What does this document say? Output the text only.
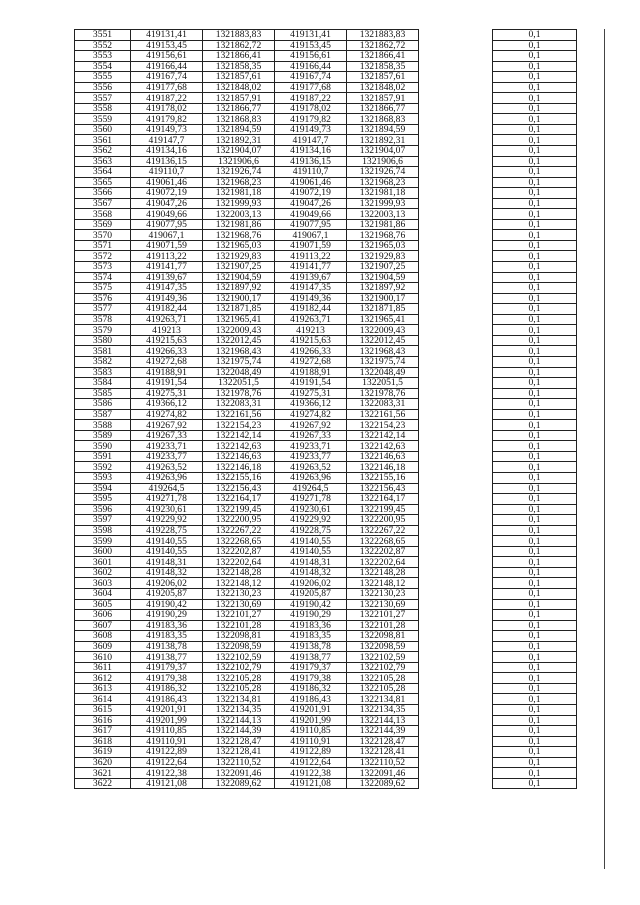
3551	419131,41	1321883,83	419131,41	1321883,83		0,1
3552	419153,45	1321862,72	419153,45	1321862,72		0,1
3553	419156,61	1321866,41	419156,61	1321866,41		0,1
3554	419166,44	1321858,35	419166,44	1321858,35		0,1
3555	419167,74	1321857,61	419167,74	1321857,61		0,1
3556	419177,68	1321848,02	419177,68	1321848,02		0,1
3557	419187,22	1321857,91	419187,22	1321857,91		0,1
3558	419178,02	1321866,77	419178,02	1321866,77		0,1
3559	419179,82	1321868,83	419179,82	1321868,83		0,1
3560	419149,73	1321894,59	419149,73	1321894,59		0,1
3561	419147,7	1321892,31	419147,7	1321892,31		0,1
3562	419134,16	1321904,07	419134,16	1321904,07		0,1
3563	419136,15	1321906,6	419136,15	1321906,6		0,1
3564	419110,7	1321926,74	419110,7	1321926,74		0,1
3565	419061,46	1321968,23	419061,46	1321968,23		0,1
3566	419072,19	1321981,18	419072,19	1321981,18		0,1
3567	419047,26	1321999,93	419047,26	1321999,93		0,1
3568	419049,66	1322003,13	419049,66	1322003,13		0,1
3569	419077,95	1321981,86	419077,95	1321981,86		0,1
3570	419067,1	1321968,76	419067,1	1321968,76		0,1
3571	419071,59	1321965,03	419071,59	1321965,03		0,1
3572	419113,22	1321929,83	419113,22	1321929,83		0,1
3573	419141,77	1321907,25	419141,77	1321907,25		0,1
3574	419139,67	1321904,59	419139,67	1321904,59		0,1
3575	419147,35	1321897,92	419147,35	1321897,92		0,1
3576	419149,36	1321900,17	419149,36	1321900,17		0,1
3577	419182,44	1321871,85	419182,44	1321871,85		0,1
3578	419263,71	1321965,41	419263,71	1321965,41		0,1
3579	419213	1322009,43	419213	1322009,43		0,1
3580	419215,63	1322012,45	419215,63	1322012,45		0,1
3581	419266,33	1321968,43	419266,33	1321968,43		0,1
3582	419272,68	1321975,74	419272,68	1321975,74		0,1
3583	419188,91	1322048,49	419188,91	1322048,49		0,1
3584	419191,54	1322051,5	419191,54	1322051,5		0,1
3585	419275,31	1321978,76	419275,31	1321978,76		0,1
3586	419366,12	1322083,31	419366,12	1322083,31		0,1
3587	419274,82	1322161,56	419274,82	1322161,56		0,1
3588	419267,92	1322154,23	419267,92	1322154,23		0,1
3589	419267,33	1322142,14	419267,33	1322142,14		0,1
3590	419233,71	1322142,63	419233,71	1322142,63		0,1
3591	419233,77	1322146,63	419233,77	1322146,63		0,1
3592	419263,52	1322146,18	419263,52	1322146,18		0,1
3593	419263,96	1322155,16	419263,96	1322155,16		0,1
3594	419264,5	1322156,43	419264,5	1322156,43		0,1
3595	419271,78	1322164,17	419271,78	1322164,17		0,1
3596	419230,61	1322199,45	419230,61	1322199,45		0,1
3597	419229,92	1322200,95	419229,92	1322200,95		0,1
3598	419228,75	1322267,22	419228,75	1322267,22		0,1
3599	419140,55	1322268,65	419140,55	1322268,65		0,1
3600	419140,55	1322202,87	419140,55	1322202,87		0,1
3601	419148,31	1322202,64	419148,31	1322202,64		0,1
3602	419148,32	1322148,28	419148,32	1322148,28		0,1
3603	419206,02	1322148,12	419206,02	1322148,12		0,1
3604	419205,87	1322130,23	419205,87	1322130,23		0,1
3605	419190,42	1322130,69	419190,42	1322130,69		0,1
3606	419190,29	1322101,27	419190,29	1322101,27		0,1
3607	419183,36	1322101,28	419183,36	1322101,28		0,1
3608	419183,35	1322098,81	419183,35	1322098,81		0,1
3609	419138,78	1322098,59	419138,78	1322098,59		0,1
3610	419138,77	1322102,59	419138,77	1322102,59		0,1
3611	419179,37	1322102,79	419179,37	1322102,79		0,1
3612	419179,38	1322105,28	419179,38	1322105,28		0,1
3613	419186,32	1322105,28	419186,32	1322105,28		0,1
3614	419186,43	1322134,81	419186,43	1322134,81		0,1
3615	419201,91	1322134,35	419201,91	1322134,35		0,1
3616	419201,99	1322144,13	419201,99	1322144,13		0,1
3617	419110,85	1322144,39	419110,85	1322144,39		0,1
3618	419110,91	1322128,47	419110,91	1322128,47		0,1
3619	419122,89	1322128,41	419122,89	1322128,41		0,1
3620	419122,64	1322110,52	419122,64	1322110,52		0,1
3621	419122,38	1322091,46	419122,38	1322091,46		0,1
3622	419121,08	1322089,62	419121,08	1322089,62		0,1
